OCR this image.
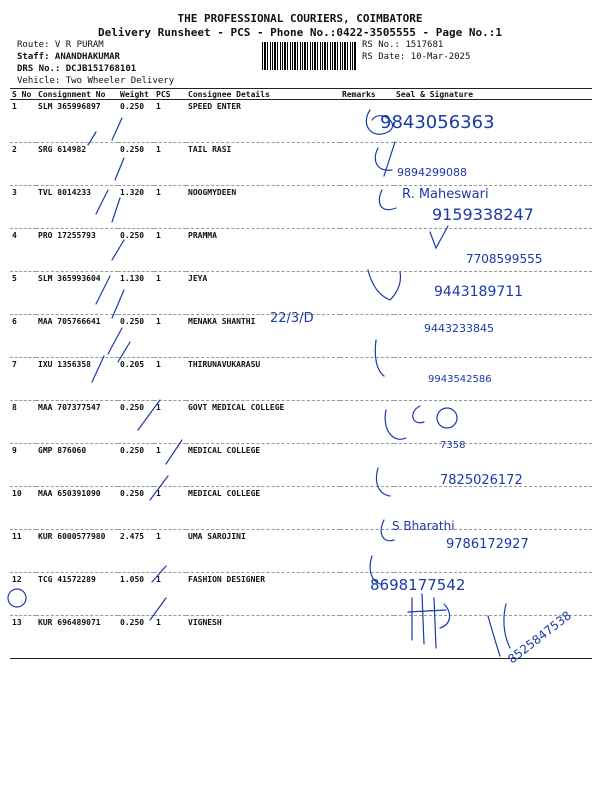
THE PROFESSIONAL COURIERS, COIMBATORE
Delivery Runsheet - PCS - Phone No.:0422-3505555 - Page No.:1
Route: V R PURAM
Staff: ANANDHAKUMAR
DRS No.: DCJB151768101
Vehicle: Two Wheeler Delivery
RS No.: 1517681
RS Date: 10-Mar-2025
S No	Consignment No	Weight	PCS	Consignee Details	Remarks	Seal & Signature
1	SLM 365996897	0.250	1	SPEED ENTER		
2	SRG 614982	0.250	1	TAIL RASI		
3	TVL 8014233	1.320	1	NOOGMYDEEN		
4	PRO 17255793	0.250	1	PRAMMA		
5	SLM 365993604	1.130	1	JEYA		
6	MAA 705766641	0.250	1	MENAKA SHANTHI		
7	IXU 1356358	0.205	1	THIRUNAVUKARASU		
8	MAA 707377547	0.250	1	GOVT MEDICAL COLLEGE		
9	GMP 876060	0.250	1	MEDICAL COLLEGE		
10	MAA 650391090	0.250	1	MEDICAL COLLEGE		
11	KUR 6000577980	2.475	1	UMA SAROJINI		
12	TCG 41572289	1.050	1	FASHION DESIGNER		
13	KUR 696489071	0.250	1	VIGNESH		
9843056363
9894299088
R. Maheswari
9159338247
7708599555
9443189711
22/3/D
9443233845
9943542586
7358
7825026172
S Bharathi
9786172927
8698177542
8525847538
